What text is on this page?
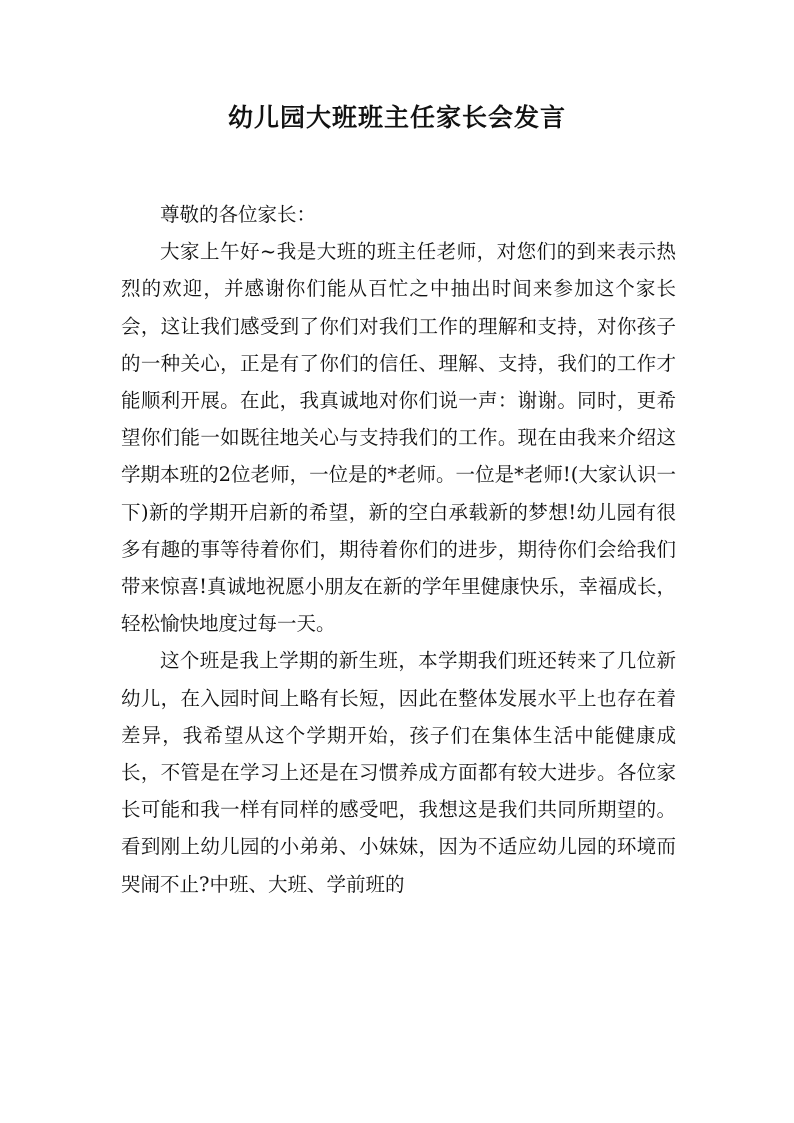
幼儿园大班班主任家长会发言

尊敬的各位家长：

大家上午好~我是大班的班主任老师，对您们的到来表示热烈的欢迎，并感谢你们能从百忙之中抽出时间来参加这个家长会，这让我们感受到了你们对我们工作的理解和支持，对你孩子的一种关心，正是有了你们的信任、理解、支持，我们的工作才能顺利开展。在此，我真诚地对你们说一声：谢谢。同时，更希望你们能一如既往地关心与支持我们的工作。现在由我来介绍这学期本班的2位老师，一位是的*老师。一位是*老师!(大家认识一下)新的学期开启新的希望，新的空白承载新的梦想!幼儿园有很多有趣的事等待着你们，期待着你们的进步，期待你们会给我们带来惊喜!真诚地祝愿小朋友在新的学年里健康快乐，幸福成长，轻松愉快地度过每一天。

这个班是我上学期的新生班，本学期我们班还转来了几位新幼儿，在入园时间上略有长短，因此在整体发展水平上也存在着差异，我希望从这个学期开始，孩子们在集体生活中能健康成长，不管是在学习上还是在习惯养成方面都有较大进步。各位家长可能和我一样有同样的感受吧，我想这是我们共同所期望的。看到刚上幼儿园的小弟弟、小妹妹，因为不适应幼儿园的环境而哭闹不止?中班、大班、学前班的
